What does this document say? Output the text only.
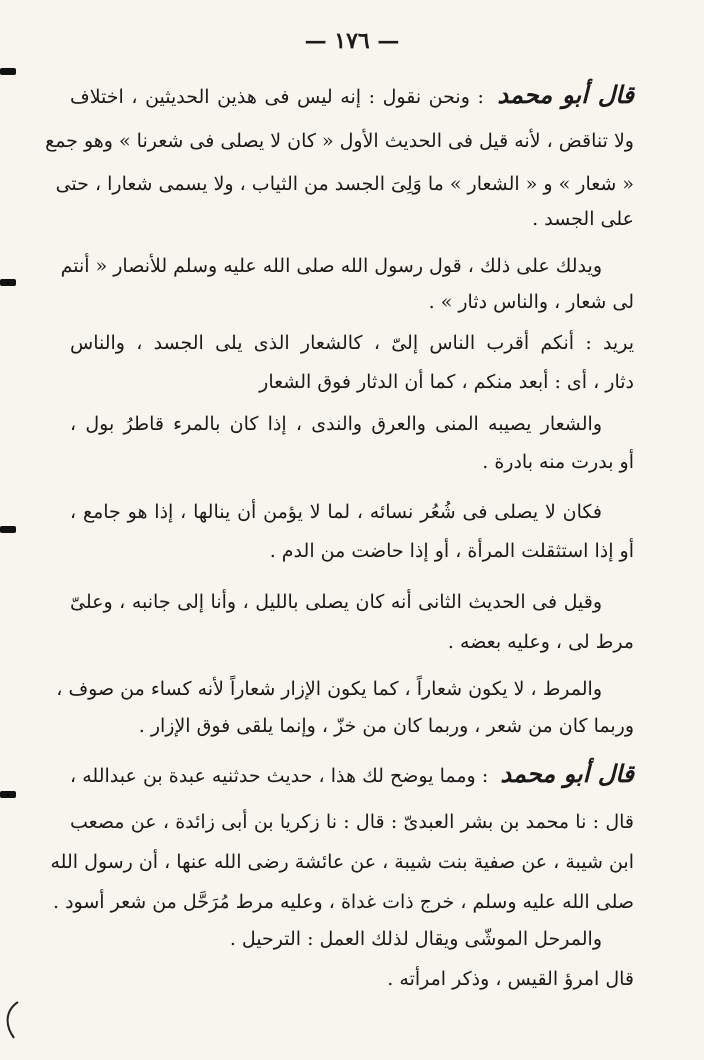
— ١٧٦ —
قال أبو محمد : ونحن نقول : إنه ليس فى هذين الحديثين ، اختلاف
ولا تناقض ، لأنه قيل فى الحديث الأول « كان لا يصلى فى شعرنا » وهو جمع
« شعار » و « الشعار » ما وَلِىَ الجسد من الثياب ، ولا يسمى شعارا ، حتى
على الجسد .
ويدلك على ذلك ، قول رسول الله صلى الله عليه وسلم للأنصار « أنتم
لى شعار ، والناس دثار » .
يريد : أنكم أقرب الناس إلىّ ، كالشعار الذى يلى الجسد ، والناس
دثار ، أى : أبعد منكم ، كما أن الدثار فوق الشعار
والشعار يصيبه المنى والعرق والندى ، إذا كان بالمرء قاطرُ بول ،
أو بدرت منه بادرة .
فكان لا يصلى فى شُعُر نسائه ، لما لا يؤمن أن ينالها ، إذا هو جامع ،
أو إذا استثقلت المرأة ، أو إذا حاضت من الدم .
وقيل فى الحديث الثانى أنه كان يصلى بالليل ، وأنا إلى جانبه ، وعلىّ
مرط لى ، وعليه بعضه .
والمرط ، لا يكون شعاراً ، كما يكون الإزار شعاراً لأنه كساء من صوف ،
وربما كان من شعر ، وربما كان من خزّ ، وإنما يلقى فوق الإزار .
قال أبو محمد : ومما يوضح لك هذا ، حديث حدثنيه عبدة بن عبدالله ،
قال : نا محمد بن بشر العبدىّ : قال : نا زكريا بن أبى زائدة ، عن مصعب
ابن شيبة ، عن صفية بنت شيبة ، عن عائشة رضى الله عنها ، أن رسول الله
صلى الله عليه وسلم ، خرج ذات غداة ، وعليه مرط مُرَحَّل من شعر أسود .
والمرحل الموشّى ويقال لذلك العمل : الترحيل .
قال امرؤ القيس ، وذكر امرأته .
